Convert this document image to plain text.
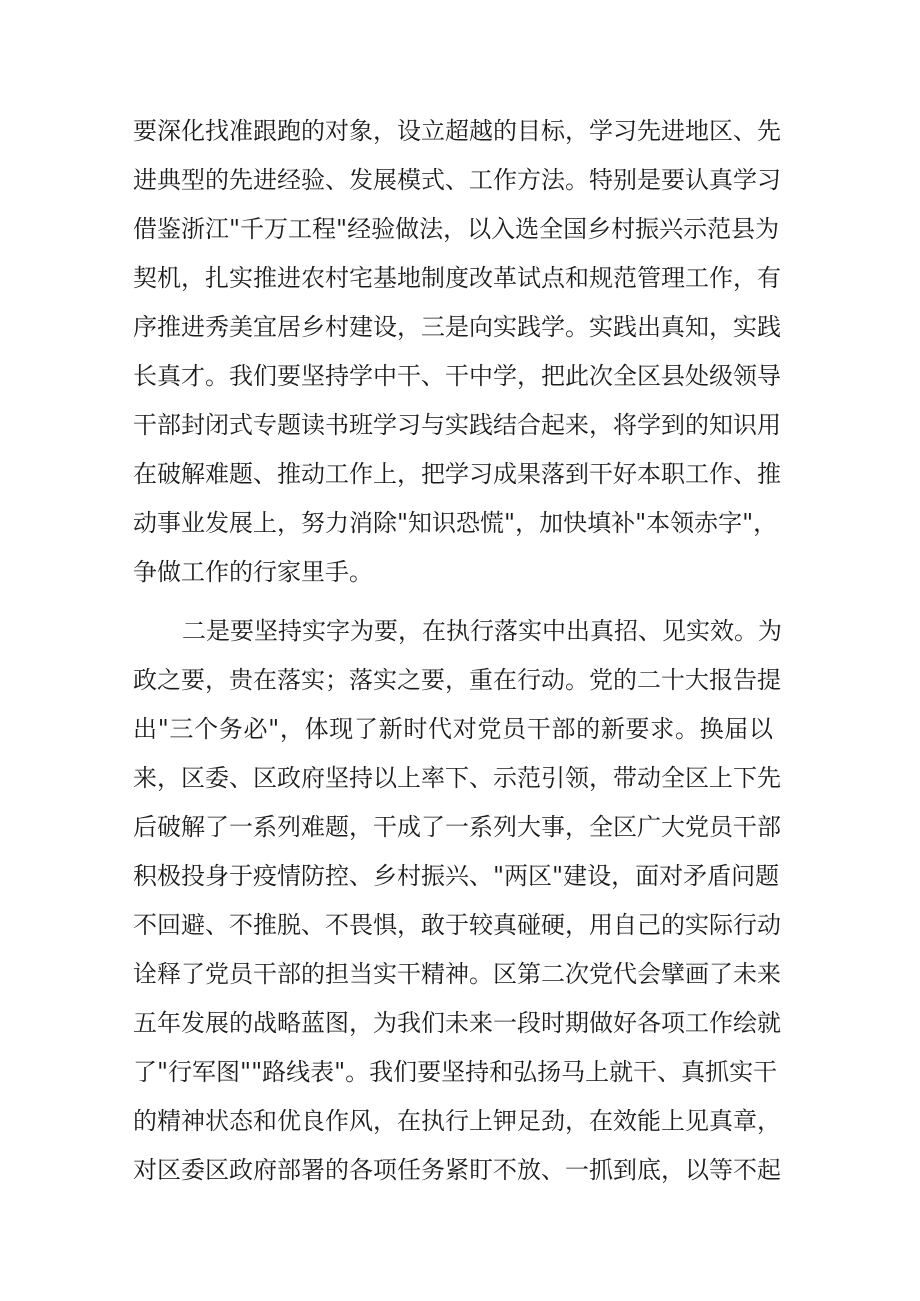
要深化找准跟跑的对象，设立超越的目标，学习先进地区、先

进典型的先进经验、发展模式、工作方法。特别是要认真学习

借鉴浙江"千万工程"经验做法，以入选全国乡村振兴示范县为

契机，扎实推进农村宅基地制度改革试点和规范管理工作，有

序推进秀美宜居乡村建设，三是向实践学。实践出真知，实践

长真才。我们要坚持学中干、干中学，把此次全区县处级领导

干部封闭式专题读书班学习与实践结合起来，将学到的知识用

在破解难题、推动工作上，把学习成果落到干好本职工作、推

动事业发展上，努力消除"知识恐慌"，加快填补"本领赤字"，

争做工作的行家里手。

二是要坚持实字为要，在执行落实中出真招、见实效。为

政之要，贵在落实；落实之要，重在行动。党的二十大报告提

出"三个务必"，体现了新时代对党员干部的新要求。换届以

来，区委、区政府坚持以上率下、示范引领，带动全区上下先

后破解了一系列难题，干成了一系列大事，全区广大党员干部

积极投身于疫情防控、乡村振兴、"两区"建设，面对矛盾问题

不回避、不推脱、不畏惧，敢于较真碰硬，用自己的实际行动

诠释了党员干部的担当实干精神。区第二次党代会擘画了未来

五年发展的战略蓝图，为我们未来一段时期做好各项工作绘就

了"行军图""路线表"。我们要坚持和弘扬马上就干、真抓实干

的精神状态和优良作风，在执行上钾足劲，在效能上见真章，

对区委区政府部署的各项任务紧盯不放、一抓到底，以等不起
